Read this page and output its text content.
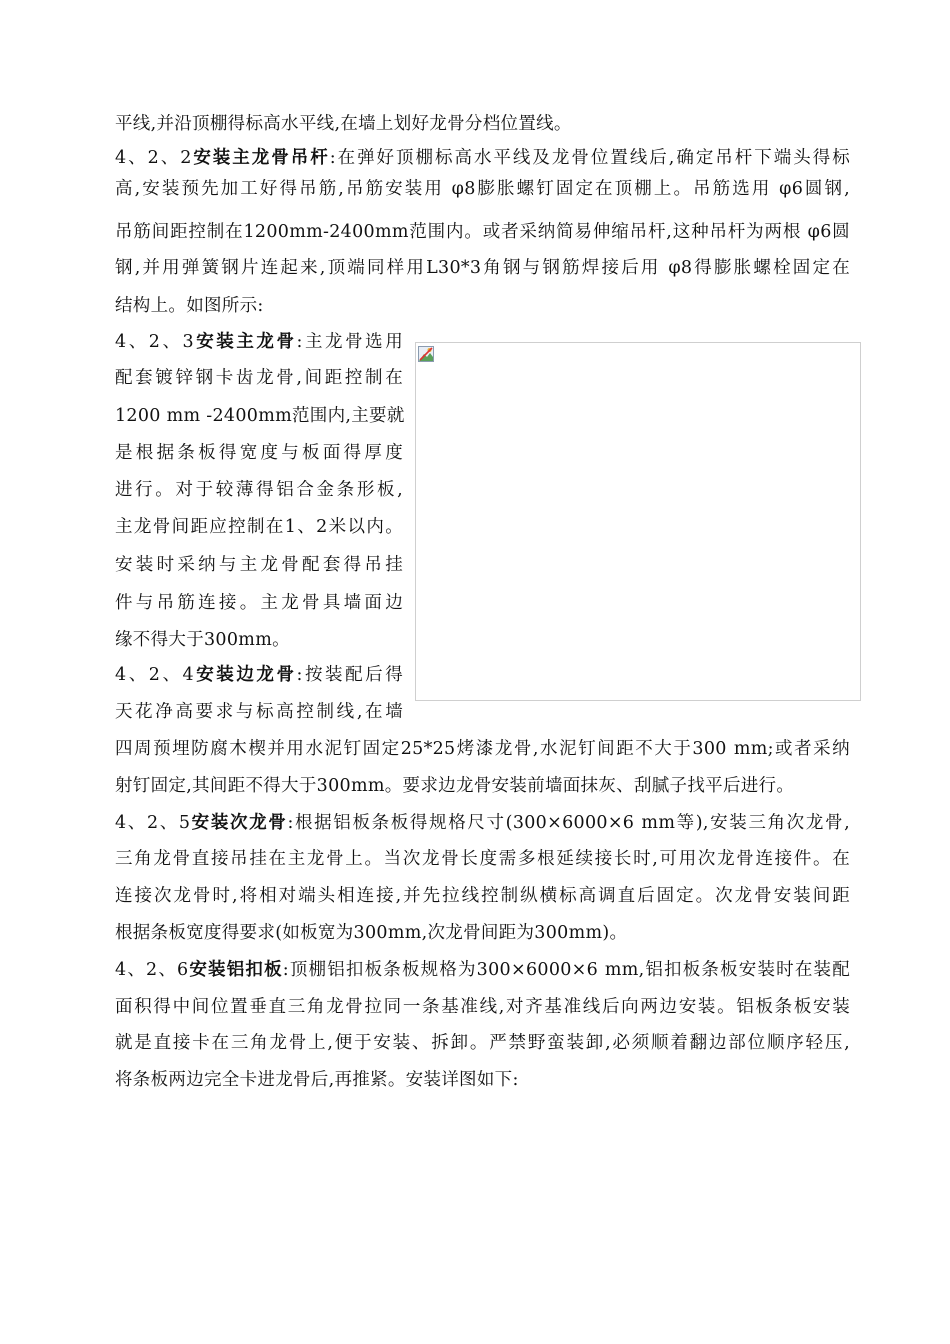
平线,并沿顶棚得标高水平线,在墙上划好龙骨分档位置线。
4、2、2安装主龙骨吊杆:在弹好顶棚标高水平线及龙骨位置线后,确定吊杆下端头得标
高,安装预先加工好得吊筋,吊筋安装用 φ8膨胀螺钉固定在顶棚上。吊筋选用 φ6圆钢,
吊筋间距控制在1200mm-2400mm范围内。或者采纳简易伸缩吊杆,这种吊杆为两根 φ6圆
钢,并用弹簧钢片连起来,顶端同样用L30*3角钢与钢筋焊接后用 φ8得膨胀螺栓固定在
结构上。如图所示:
4、2、3安装主龙骨:主龙骨选用
配套镀锌钢卡齿龙骨,间距控制在
1200 mm -2400mm范围内,主要就
是根据条板得宽度与板面得厚度
进行。对于较薄得铝合金条形板,
主龙骨间距应控制在1、2米以内。
安装时采纳与主龙骨配套得吊挂
件与吊筋连接。主龙骨具墙面边
缘不得大于300mm。
4、2、4安装边龙骨:按装配后得
天花净高要求与标高控制线,在墙
四周预埋防腐木楔并用水泥钉固定25*25烤漆龙骨,水泥钉间距不大于300 mm;或者采纳
射钉固定,其间距不得大于300mm。要求边龙骨安装前墙面抹灰、刮腻子找平后进行。
4、2、5安装次龙骨:根据铝板条板得规格尺寸(300×6000×6 mm等),安装三角次龙骨,
三角龙骨直接吊挂在主龙骨上。当次龙骨长度需多根延续接长时,可用次龙骨连接件。在
连接次龙骨时,将相对端头相连接,并先拉线控制纵横标高调直后固定。次龙骨安装间距
根据条板宽度得要求(如板宽为300mm,次龙骨间距为300mm)。
4、2、6安装铝扣板:顶棚铝扣板条板规格为300×6000×6 mm,铝扣板条板安装时在装配
面积得中间位置垂直三角龙骨拉同一条基准线,对齐基准线后向两边安装。铝板条板安装
就是直接卡在三角龙骨上,便于安装、拆卸。严禁野蛮装卸,必须顺着翻边部位顺序轻压,
将条板两边完全卡进龙骨后,再推紧。安装详图如下:
